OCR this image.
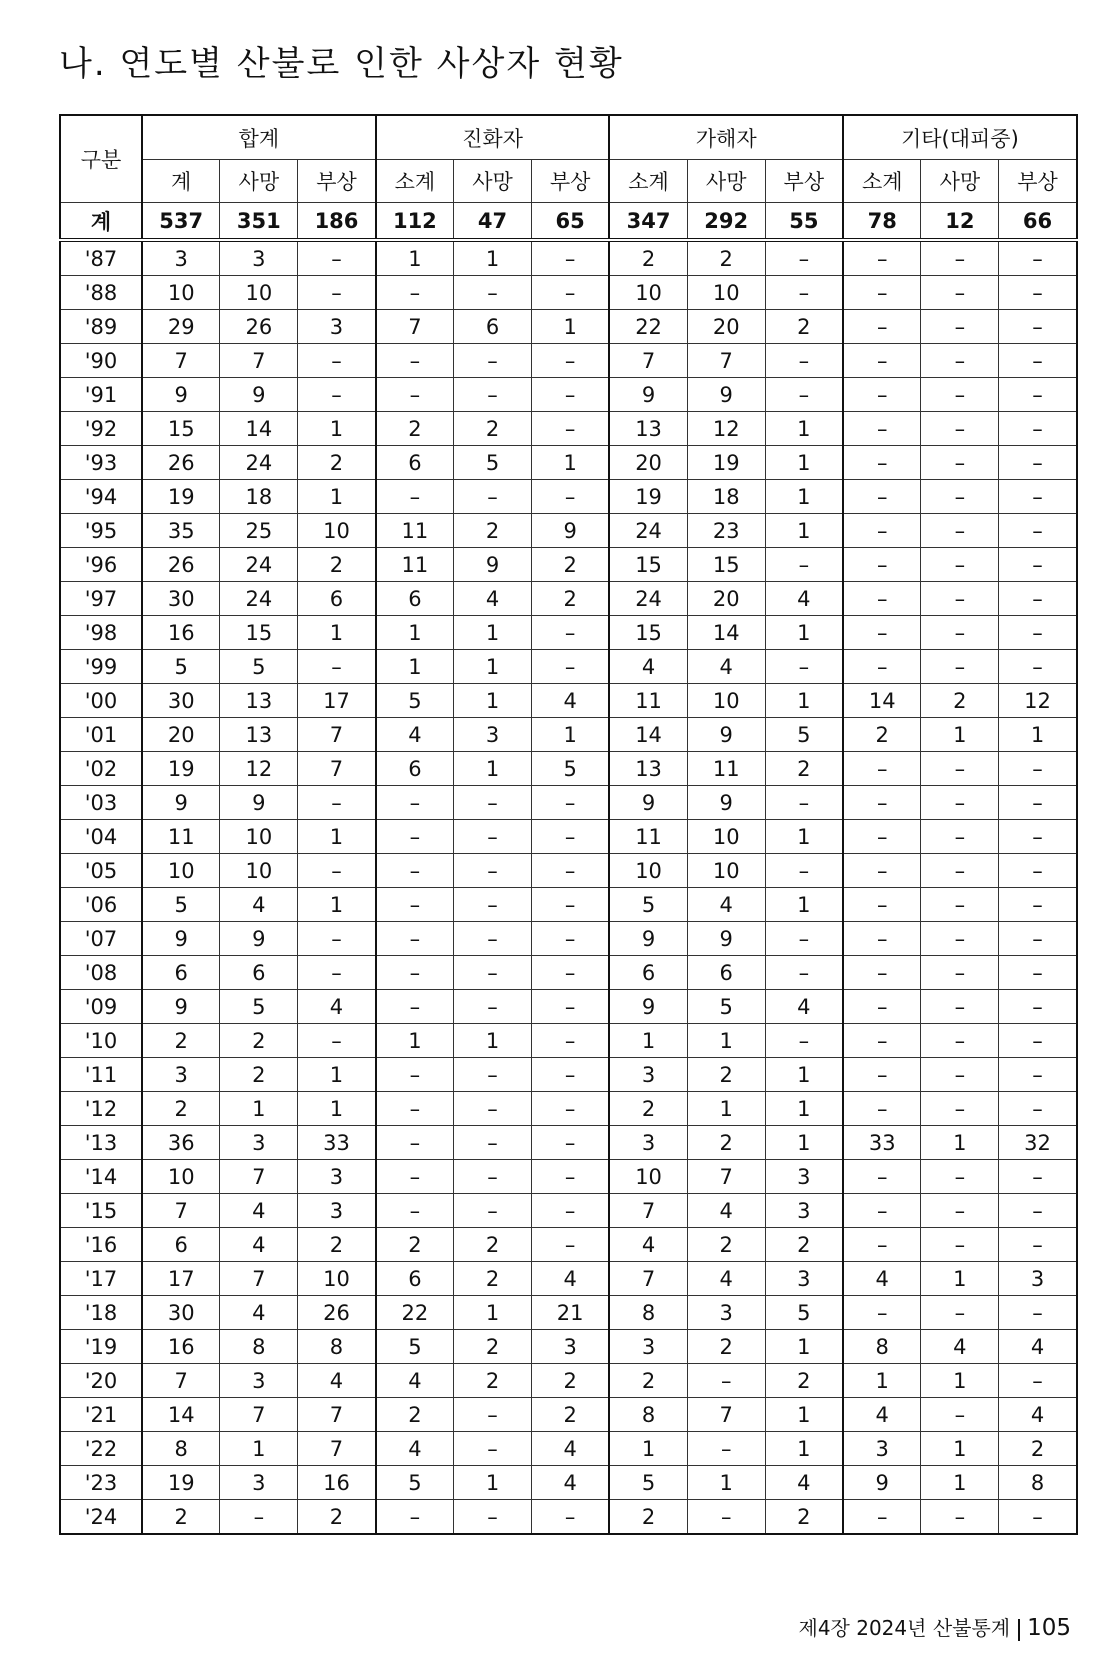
나. 연도별 산불로 인한 사상자 현황
구분	합계			진화자			가해자			기타(대피중)		
	계	사망	부상	소계	사망	부상	소계	사망	부상	소계	사망	부상
계	537	351	186	112	47	65	347	292	55	78	12	66
'87	3	3	–	1	1	–	2	2	–	–	–	–
'88	10	10	–	–	–	–	10	10	–	–	–	–
'89	29	26	3	7	6	1	22	20	2	–	–	–
'90	7	7	–	–	–	–	7	7	–	–	–	–
'91	9	9	–	–	–	–	9	9	–	–	–	–
'92	15	14	1	2	2	–	13	12	1	–	–	–
'93	26	24	2	6	5	1	20	19	1	–	–	–
'94	19	18	1	–	–	–	19	18	1	–	–	–
'95	35	25	10	11	2	9	24	23	1	–	–	–
'96	26	24	2	11	9	2	15	15	–	–	–	–
'97	30	24	6	6	4	2	24	20	4	–	–	–
'98	16	15	1	1	1	–	15	14	1	–	–	–
'99	5	5	–	1	1	–	4	4	–	–	–	–
'00	30	13	17	5	1	4	11	10	1	14	2	12
'01	20	13	7	4	3	1	14	9	5	2	1	1
'02	19	12	7	6	1	5	13	11	2	–	–	–
'03	9	9	–	–	–	–	9	9	–	–	–	–
'04	11	10	1	–	–	–	11	10	1	–	–	–
'05	10	10	–	–	–	–	10	10	–	–	–	–
'06	5	4	1	–	–	–	5	4	1	–	–	–
'07	9	9	–	–	–	–	9	9	–	–	–	–
'08	6	6	–	–	–	–	6	6	–	–	–	–
'09	9	5	4	–	–	–	9	5	4	–	–	–
'10	2	2	–	1	1	–	1	1	–	–	–	–
'11	3	2	1	–	–	–	3	2	1	–	–	–
'12	2	1	1	–	–	–	2	1	1	–	–	–
'13	36	3	33	–	–	–	3	2	1	33	1	32
'14	10	7	3	–	–	–	10	7	3	–	–	–
'15	7	4	3	–	–	–	7	4	3	–	–	–
'16	6	4	2	2	2	–	4	2	2	–	–	–
'17	17	7	10	6	2	4	7	4	3	4	1	3
'18	30	4	26	22	1	21	8	3	5	–	–	–
'19	16	8	8	5	2	3	3	2	1	8	4	4
'20	7	3	4	4	2	2	2	–	2	1	1	–
'21	14	7	7	2	–	2	8	7	1	4	–	4
'22	8	1	7	4	–	4	1	–	1	3	1	2
'23	19	3	16	5	1	4	5	1	4	9	1	8
'24	2	–	2	–	–	–	2	–	2	–	–	–
제4장 2024년 산불통계 105
